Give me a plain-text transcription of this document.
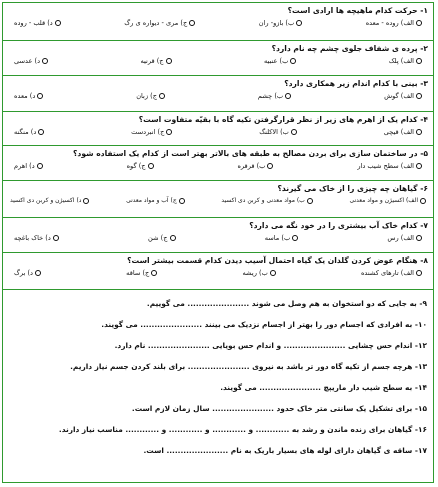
۱- حرکت کدام ماهیچه ها ارادی است؟
الف) روده - معده
ب) بازو- ران
ج) مری - دیواره ی رگ
د) قلب - روده
۲- پرده ی شفاف جلوی چشم چه نام دارد؟
الف) پلک
ب) عنبیه
ج) قرنیه
د) عدسی
۳- بینی با کدام اندام زیر همکاری دارد؟
الف) گوش
ب) چشم
ج) زبان
د) معده
۴- کدام یک از اهرم های زیر از نظر قرارگرفتن تکیه گاه با بقیّه متفاوت است؟
الف) قیچی
ب) الاکلنگ
ج) انبردست
د) منگنه
۵- در ساختمان سازی برای بردن مصالح به طبقه های بالاتر بهتر است از کدام یک استفاده شود؟
الف) سطح شیب دار
ب) قرقره
ج) گوه
د) اهرم
۶- گیاهان چه چیزی را از خاک می گیرند؟
الف) اکسیژن و مواد معدنی
ب) مواد معدنی و کربن دی اکسید
ج) آب و مواد معدنی
د) اکسیژن و کربن دی اکسید
۷- کدام خاک آب بیشتری را در خود نگه می دارد؟
الف) رس
ب) ماسه
ج) شن
د) خاک باغچه
۸- هنگام عوض کردن گلدان یک گیاه احتمال آسیب دیدن کدام قسمت بیشتر است؟
الف) تارهای کشنده
ب) ریشه
ج) ساقه
د) برگ
۹- به جایی که دو استخوان به هم وصل می شوند ...................... می گوییم.
۱۰- به افرادی که اجسام دور را بهتر از اجسام نزدیک می بینند ...................... می گویند.
۱۲- اندام حس چشایی ...................... و اندام حس بویایی ...................... نام دارد.
۱۳- هرچه جسم از تکیه گاه دور تر باشد به نیروی ...................... برای بلند کردن جسم نیاز داریم.
۱۴- به سطح شیب دار ماریپچ ...................... می گویند.
۱۵- برای تشکیل یک سانتی متر خاک حدود ...................... سال زمان لازم است.
۱۶- گیاهان برای زنده ماندن و رشد به ............ و ............ و ............ و ............ مناسب نیاز دارند.
۱۷- ساقه ی گیاهان دارای لوله های بسیار باریک به نام ...................... است.
